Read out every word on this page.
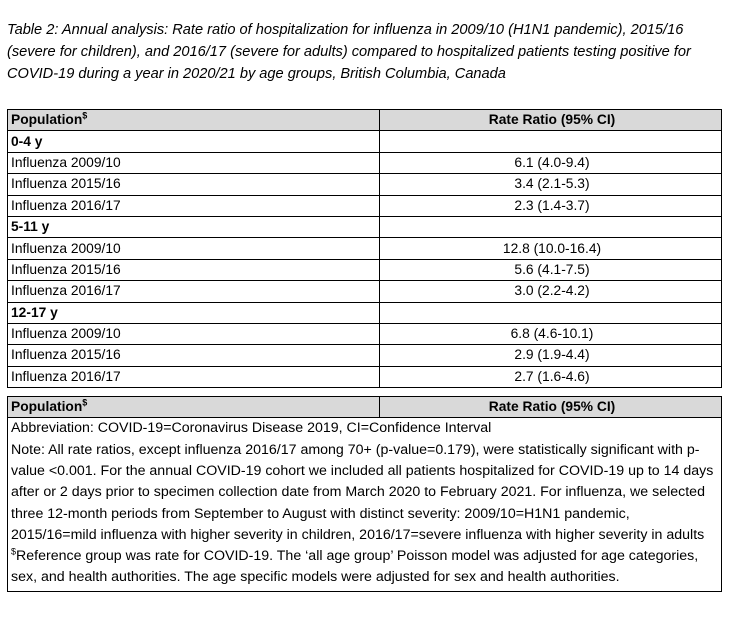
Table 2: Annual analysis: Rate ratio of hospitalization for influenza in 2009/10 (H1N1 pandemic), 2015/16 (severe for children), and 2016/17 (severe for adults) compared to hospitalized patients testing positive for COVID-19 during a year in 2020/21 by age groups, British Columbia, Canada
Population$	Rate Ratio (95% CI)
0-4 y	
Influenza 2009/10	6.1 (4.0-9.4)
Influenza 2015/16	3.4 (2.1-5.3)
Influenza 2016/17	2.3 (1.4-3.7)
5-11 y	
Influenza 2009/10	12.8 (10.0-16.4)
Influenza 2015/16	5.6 (4.1-7.5)
Influenza 2016/17	3.0 (2.2-4.2)
12-17 y	
Influenza 2009/10	6.8 (4.6-10.1)
Influenza 2015/16	2.9 (1.9-4.4)
Influenza 2016/17	2.7 (1.6-4.6)
Population$	Rate Ratio (95% CI)

Abbreviation: COVID-19=Coronavirus Disease 2019, CI=Confidence Interval

Note: All rate ratios, except influenza 2016/17 among 70+ (p-value=0.179), were statistically significant with p-value <0.001. For the annual COVID-19 cohort we included all patients hospitalized for COVID-19 up to 14 days after or 2 days prior to specimen collection date from March 2020 to February 2021. For influenza, we selected three 12-month periods from September to August with distinct severity: 2009/10=H1N1 pandemic, 2015/16=mild influenza with higher severity in children, 2016/17=severe influenza with higher severity in adults

$Reference group was rate for COVID-19. The ‘all age group’ Poisson model was adjusted for age categories, sex, and health authorities. The age specific models were adjusted for sex and health authorities.
